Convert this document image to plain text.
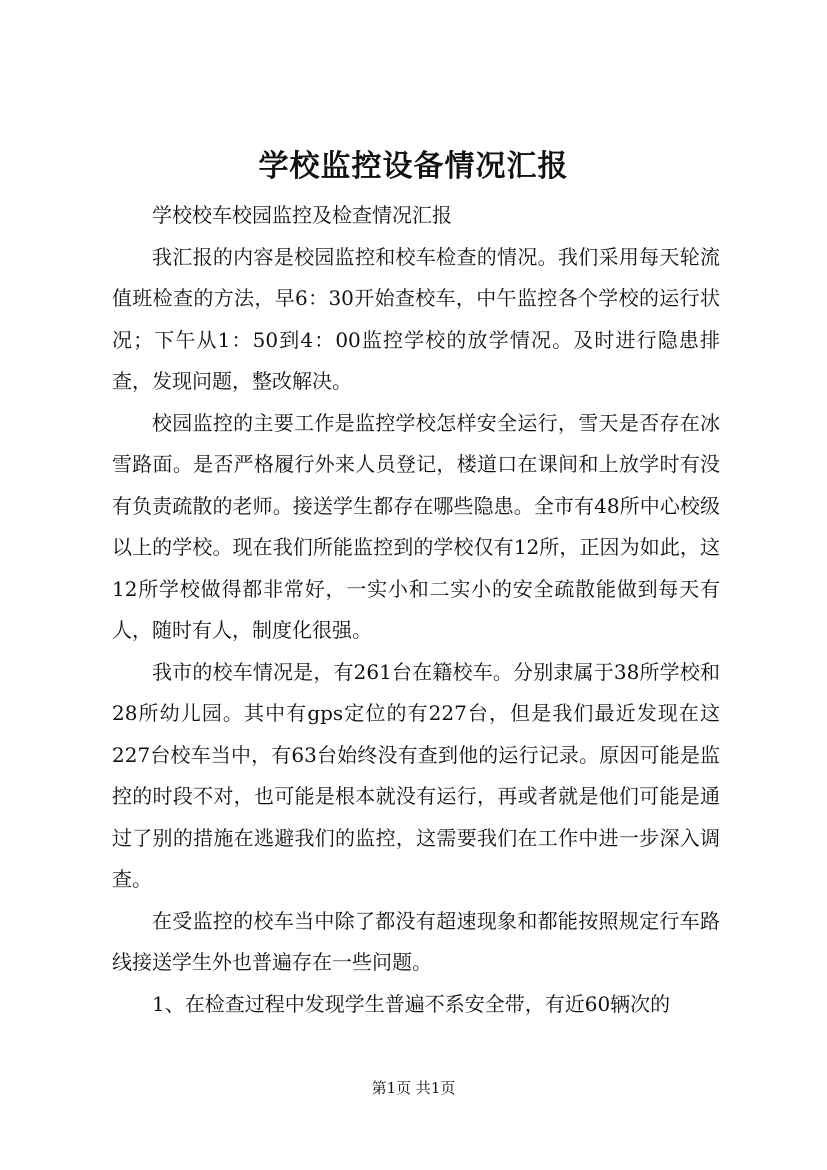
学校监控设备情况汇报

学校校车校园监控及检查情况汇报

我汇报的内容是校园监控和校车检查的情况。我们采用每天轮流值班检查的方法，早6：30开始查校车，中午监控各个学校的运行状况；下午从1：50到4：00监控学校的放学情况。及时进行隐患排查，发现问题，整改解决。

校园监控的主要工作是监控学校怎样安全运行，雪天是否存在冰雪路面。是否严格履行外来人员登记，楼道口在课间和上放学时有没有负责疏散的老师。接送学生都存在哪些隐患。全市有48所中心校级以上的学校。现在我们所能监控到的学校仅有12所，正因为如此，这12所学校做得都非常好，一实小和二实小的安全疏散能做到每天有人，随时有人，制度化很强。

我市的校车情况是，有261台在籍校车。分别隶属于38所学校和28所幼儿园。其中有gps定位的有227台，但是我们最近发现在这227台校车当中，有63台始终没有查到他的运行记录。原因可能是监控的时段不对，也可能是根本就没有运行，再或者就是他们可能是通过了别的措施在逃避我们的监控，这需要我们在工作中进一步深入调查。

在受监控的校车当中除了都没有超速现象和都能按照规定行车路线接送学生外也普遍存在一些问题。

1、在检查过程中发现学生普遍不系安全带，有近60辆次的

第1页 共1页
